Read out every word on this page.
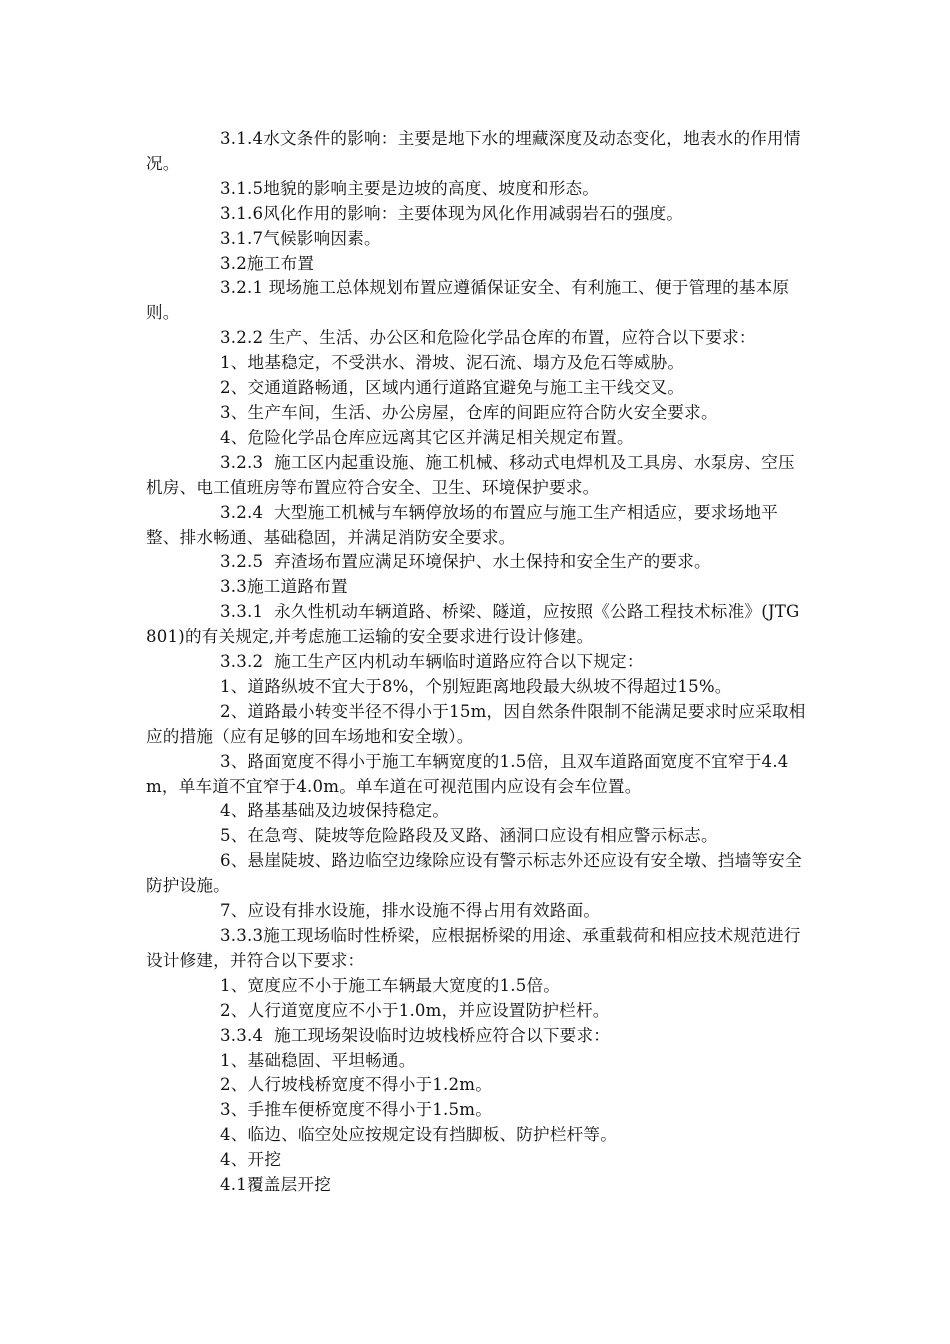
3.1.4水文条件的影响：主要是地下水的埋藏深度及动态变化，地表水的作用情况。

3.1.5地貌的影响主要是边坡的高度、坡度和形态。

3.1.6风化作用的影响：主要体现为风化作用减弱岩石的强度。

3.1.7气候影响因素。

3.2施工布置

3.2.1 现场施工总体规划布置应遵循保证安全、有利施工、便于管理的基本原则。

3.2.2 生产、生活、办公区和危险化学品仓库的布置，应符合以下要求：

1、地基稳定，不受洪水、滑坡、泥石流、塌方及危石等威胁。

2、交通道路畅通，区域内通行道路宜避免与施工主干线交叉。

3、生产车间，生活、办公房屋，仓库的间距应符合防火安全要求。

4、危险化学品仓库应远离其它区并满足相关规定布置。

3.2.3  施工区内起重设施、施工机械、移动式电焊机及工具房、水泵房、空压机房、电工值班房等布置应符合安全、卫生、环境保护要求。

3.2.4  大型施工机械与车辆停放场的布置应与施工生产相适应，要求场地平整、排水畅通、基础稳固，并满足消防安全要求。

3.2.5  弃渣场布置应满足环境保护、水土保持和安全生产的要求。

3.3施工道路布置

3.3.1  永久性机动车辆道路、桥梁、隧道，应按照《公路工程技术标准》(JTG 801)的有关规定,并考虑施工运输的安全要求进行设计修建。

3.3.2  施工生产区内机动车辆临时道路应符合以下规定：

1、道路纵坡不宜大于8%，个别短距离地段最大纵坡不得超过15%。

2、道路最小转变半径不得小于15m，因自然条件限制不能满足要求时应采取相应的措施（应有足够的回车场地和安全墩）。

3、路面宽度不得小于施工车辆宽度的1.5倍，且双车道路面宽度不宜窄于4.4m，单车道不宜窄于4.0m。单车道在可视范围内应设有会车位置。

4、路基基础及边坡保持稳定。

5、在急弯、陡坡等危险路段及叉路、涵洞口应设有相应警示标志。

6、悬崖陡坡、路边临空边缘除应设有警示标志外还应设有安全墩、挡墙等安全防护设施。

7、应设有排水设施，排水设施不得占用有效路面。

3.3.3施工现场临时性桥梁，应根据桥梁的用途、承重载荷和相应技术规范进行设计修建，并符合以下要求：

1、宽度应不小于施工车辆最大宽度的1.5倍。

2、人行道宽度应不小于1.0m，并应设置防护栏杆。

3.3.4  施工现场架设临时边坡栈桥应符合以下要求：

1、基础稳固、平坦畅通。

2、人行坡栈桥宽度不得小于1.2m。

3、手推车便桥宽度不得小于1.5m。

4、临边、临空处应按规定设有挡脚板、防护栏杆等。

4、开挖

4.1覆盖层开挖
